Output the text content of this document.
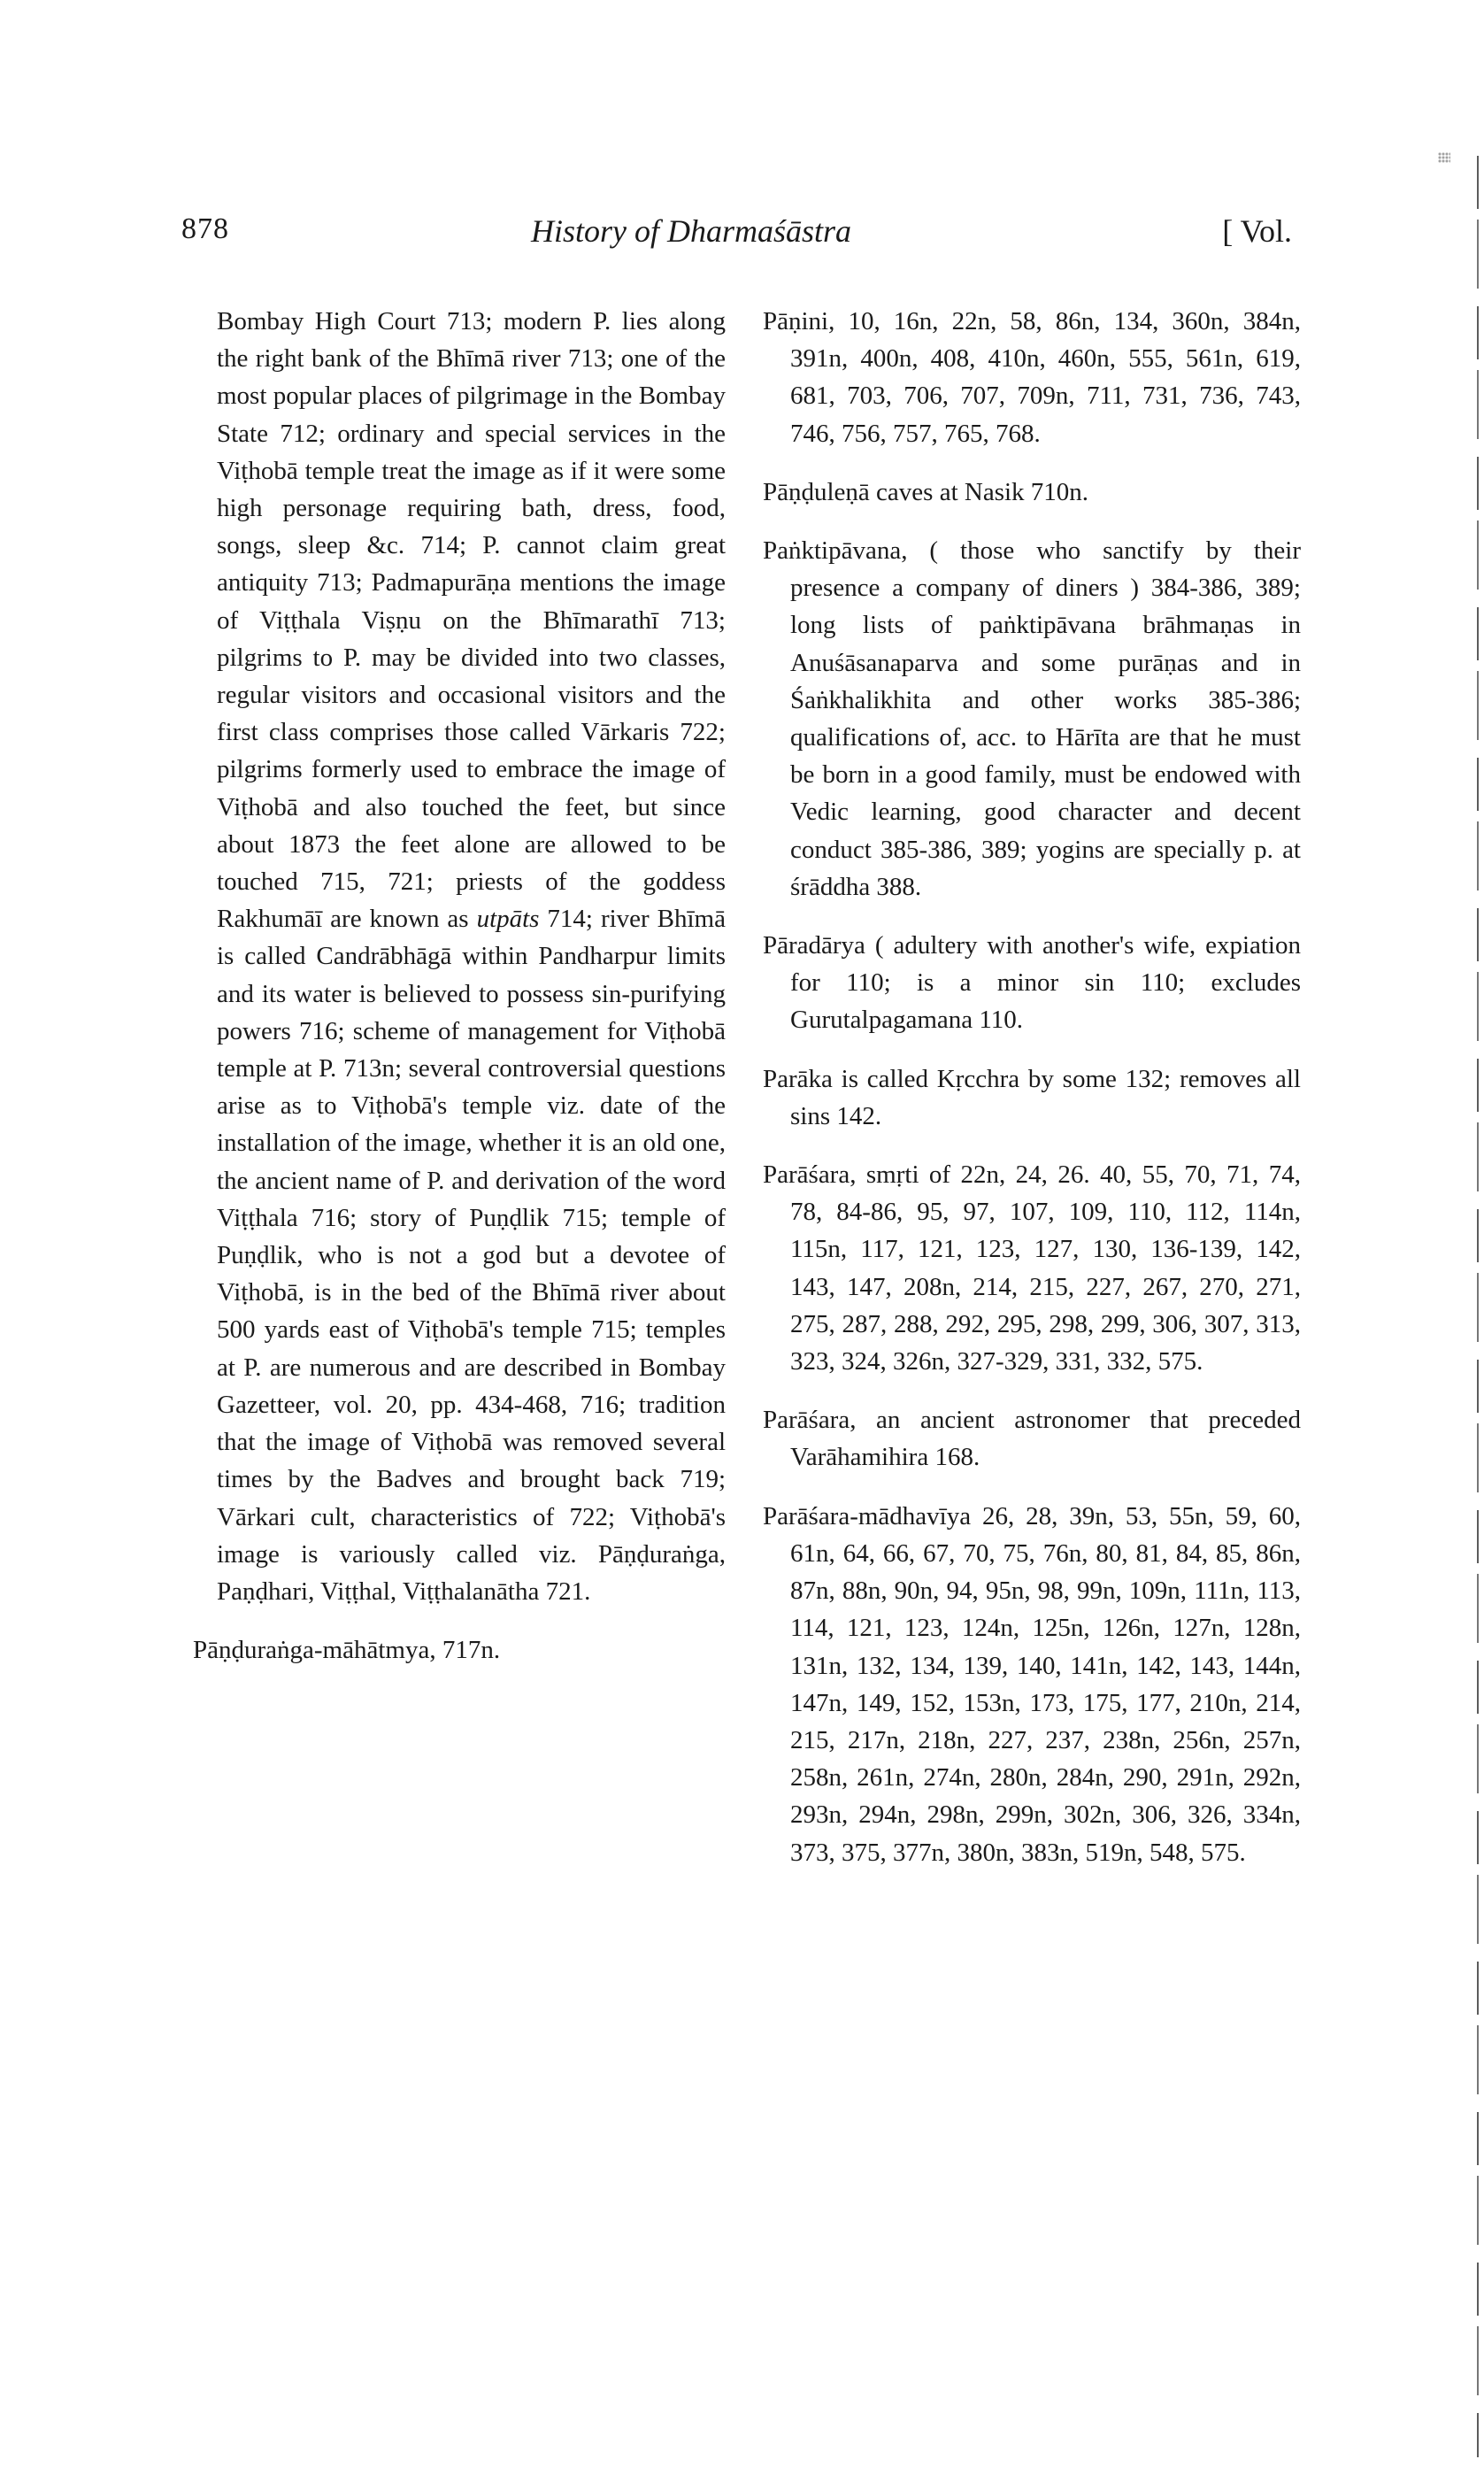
878	History of Dharmaśāstra	[ Vol.

Bombay High Court 713; modern P. lies along the right bank of the Bhīmā river 713; one of the most popular places of pilgrimage in the Bombay State 712; ordinary and special services in the Viṭhobā temple treat the image as if it were some high personage requiring bath, dress, food, songs, sleep &c. 714; P. cannot claim great antiquity 713; Padmapurāṇa mentions the image of Viṭṭhala Viṣṇu on the Bhīmarathī 713; pilgrims to P. may be divided into two classes, regular visitors and occasional visitors and the first class comprises those called Vārkaris 722; pilgrims formerly used to embrace the image of Viṭhobā and also touched the feet, but since about 1873 the feet alone are allowed to be touched 715, 721; priests of the goddess Rakhumāī are known as utpāts 714; river Bhīmā is called Candrābhāgā within Pandharpur limits and its water is believed to possess sin-purifying powers 716; scheme of management for Viṭhobā temple at P. 713n; several controversial questions arise as to Viṭhobā's temple viz. date of the installation of the image, whether it is an old one, the ancient name of P. and derivation of the word Viṭṭhala 716; story of Puṇḍlik 715; temple of Puṇḍlik, who is not a god but a devotee of Viṭhobā, is in the bed of the Bhīmā river about 500 yards east of Viṭhobā's temple 715; temples at P. are numerous and are described in Bombay Gazetteer, vol. 20, pp. 434-468, 716; tradition that the image of Viṭhobā was removed several times by the Badves and brought back 719; Vārkari cult, characteristics of 722; Viṭhobā's image is variously called viz. Pāṇḍuraṅga, Paṇḍhari, Viṭṭhal, Viṭṭhalanātha 721.

Pāṇḍuraṅga-māhātmya, 717n.

Pāṇini, 10, 16n, 22n, 58, 86n, 134, 360n, 384n, 391n, 400n, 408, 410n, 460n, 555, 561n, 619, 681, 703, 706, 707, 709n, 711, 731, 736, 743, 746, 756, 757, 765, 768.

Pāṇḍuleṇā caves at Nasik 710n.

Paṅktipāvana, ( those who sanctify by their presence a company of diners ) 384-386, 389; long lists of paṅktipāvana brāhmaṇas in Anuśāsanaparva and some purāṇas and in Śaṅkhalikhita and other works 385-386; qualifications of, acc. to Hārīta are that he must be born in a good family, must be endowed with Vedic learning, good character and decent conduct 385-386, 389; yogins are specially p. at śrāddha 388.

Pāradārya ( adultery with another's wife, expiation for 110; is a minor sin 110; excludes Gurutalpagamana 110.

Parāka is called Kṛcchra by some 132; removes all sins 142.

Parāśara, smṛti of 22n, 24, 26. 40, 55, 70, 71, 74, 78, 84-86, 95, 97, 107, 109, 110, 112, 114n, 115n, 117, 121, 123, 127, 130, 136-139, 142, 143, 147, 208n, 214, 215, 227, 267, 270, 271, 275, 287, 288, 292, 295, 298, 299, 306, 307, 313, 323, 324, 326n, 327-329, 331, 332, 575.

Parāśara, an ancient astronomer that preceded Varāhamihira 168.

Parāśara-mādhavīya 26, 28, 39n, 53, 55n, 59, 60, 61n, 64, 66, 67, 70, 75, 76n, 80, 81, 84, 85, 86n, 87n, 88n, 90n, 94, 95n, 98, 99n, 109n, 111n, 113, 114, 121, 123, 124n, 125n, 126n, 127n, 128n, 131n, 132, 134, 139, 140, 141n, 142, 143, 144n, 147n, 149, 152, 153n, 173, 175, 177, 210n, 214, 215, 217n, 218n, 227, 237, 238n, 256n, 257n, 258n, 261n, 274n, 280n, 284n, 290, 291n, 292n, 293n, 294n, 298n, 299n, 302n, 306, 326, 334n, 373, 375, 377n, 380n, 383n, 519n, 548, 575.
